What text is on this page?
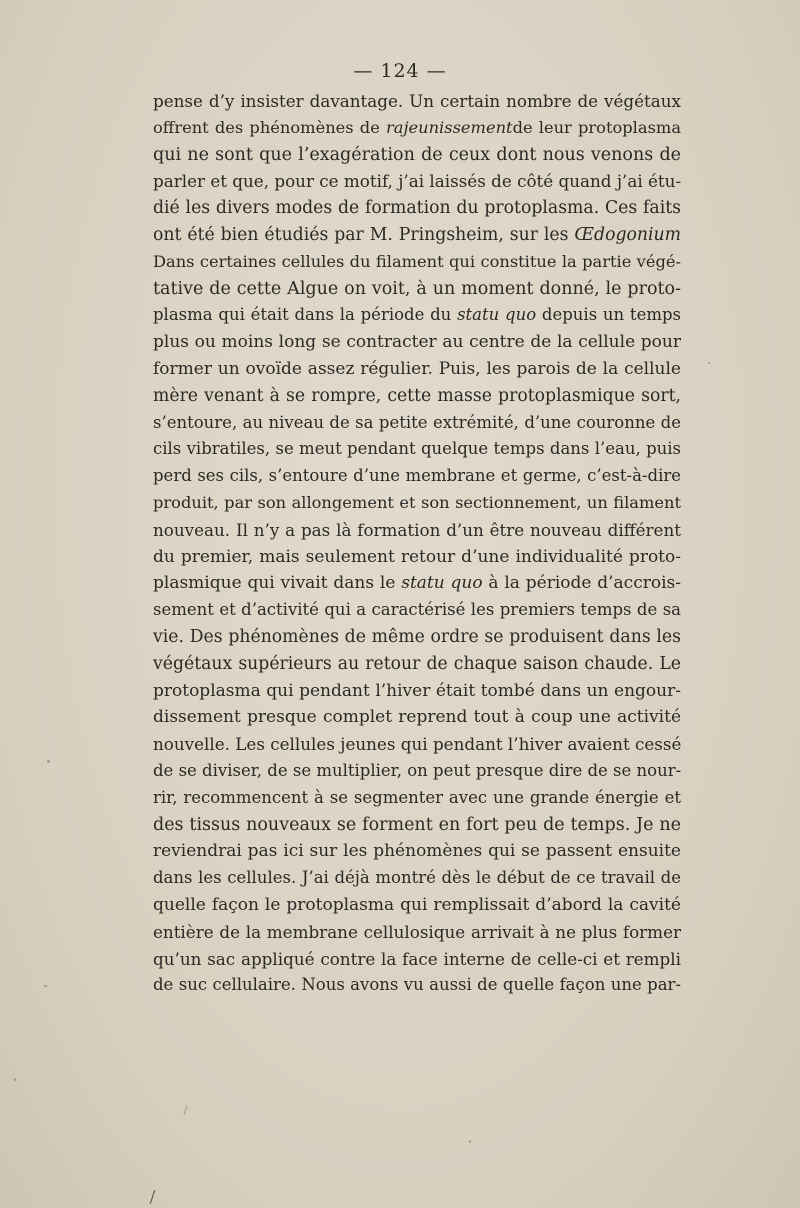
— 124 —
pense d’y insister davantage. Un certain nombre de végétaux
offrent des phénomènes de rajeunissementde leur protoplasma
qui ne sont que l’exagération de ceux dont nous venons de
parler et que, pour ce motif, j’ai laissés de côté quand j’ai étu-
dié les divers modes de formation du protoplasma. Ces faits
ont été bien étudiés par M. Pringsheim, sur les Œdogonium
Dans certaines cellules du filament qui constitue la partie végé-
tative de cette Algue on voit, à un moment donné, le proto-
plasma qui était dans la période du statu quo depuis un temps
plus ou moins long se contracter au centre de la cellule pour
former un ovoïde assez régulier. Puis, les parois de la cellule
mère venant à se rompre, cette masse protoplasmique sort,
s’entoure, au niveau de sa petite extrémité, d’une couronne de
cils vibratiles, se meut pendant quelque temps dans l’eau, puis
perd ses cils, s’entoure d’une membrane et germe, c’est-à-dire
produit, par son allongement et son sectionnement, un filament
nouveau. Il n’y a pas là formation d’un être nouveau différent
du premier, mais seulement retour d’une individualité proto-
plasmique qui vivait dans le statu quo à la période d’accrois-
sement et d’activité qui a caractérisé les premiers temps de sa
vie. Des phénomènes de même ordre se produisent dans les
végétaux supérieurs au retour de chaque saison chaude. Le
protoplasma qui pendant l’hiver était tombé dans un engour-
dissement presque complet reprend tout à coup une activité
nouvelle. Les cellules jeunes qui pendant l’hiver avaient cessé
de se diviser, de se multiplier, on peut presque dire de se nour-
rir, recommencent à se segmenter avec une grande énergie et
des tissus nouveaux se forment en fort peu de temps. Je ne
reviendrai pas ici sur les phénomènes qui se passent ensuite
dans les cellules. J’ai déjà montré dès le début de ce travail de
quelle façon le protoplasma qui remplissait d’abord la cavité
entière de la membrane cellulosique arrivait à ne plus former
qu’un sac appliqué contre la face interne de celle-ci et rempli
de suc cellulaire. Nous avons vu aussi de quelle façon une par-
